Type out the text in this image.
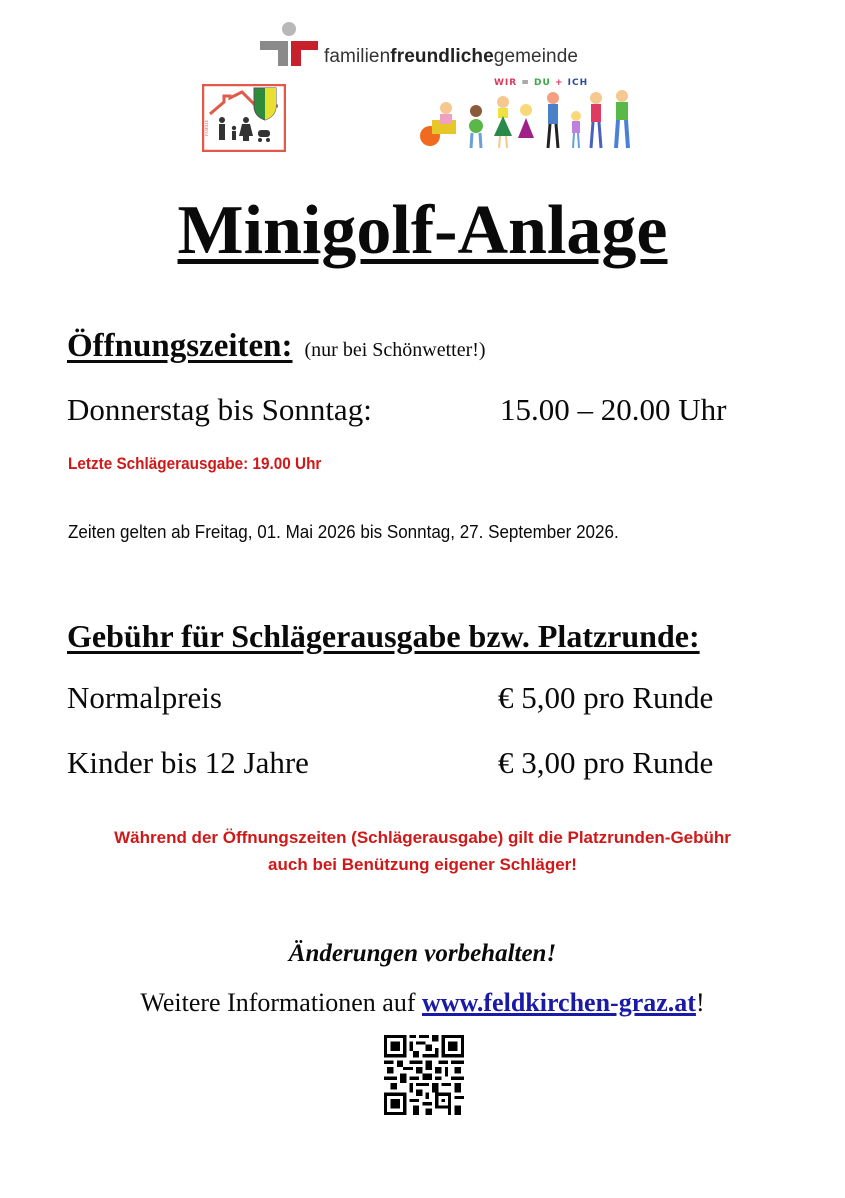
familienfreundlichegemeinde
FAMILIE
WIR = DU + ICH
Minigolf-Anlage
Öffnungszeiten: (nur bei Schönwetter!)
Donnerstag bis Sonntag:	15.00 – 20.00 Uhr
Letzte Schlägerausgabe: 19.00 Uhr
Zeiten gelten ab Freitag, 01. Mai 2026 bis Sonntag, 27. September 2026.
Gebühr für Schlägerausgabe bzw. Platzrunde:
Normalpreis	€ 5,00 pro Runde
Kinder bis 12 Jahre	€ 3,00 pro Runde
Während der Öffnungszeiten (Schlägerausgabe) gilt die Platzrunden-Gebühr
auch bei Benützung eigener Schläger!
Änderungen vorbehalten!
Weitere Informationen auf www.feldkirchen-graz.at!
